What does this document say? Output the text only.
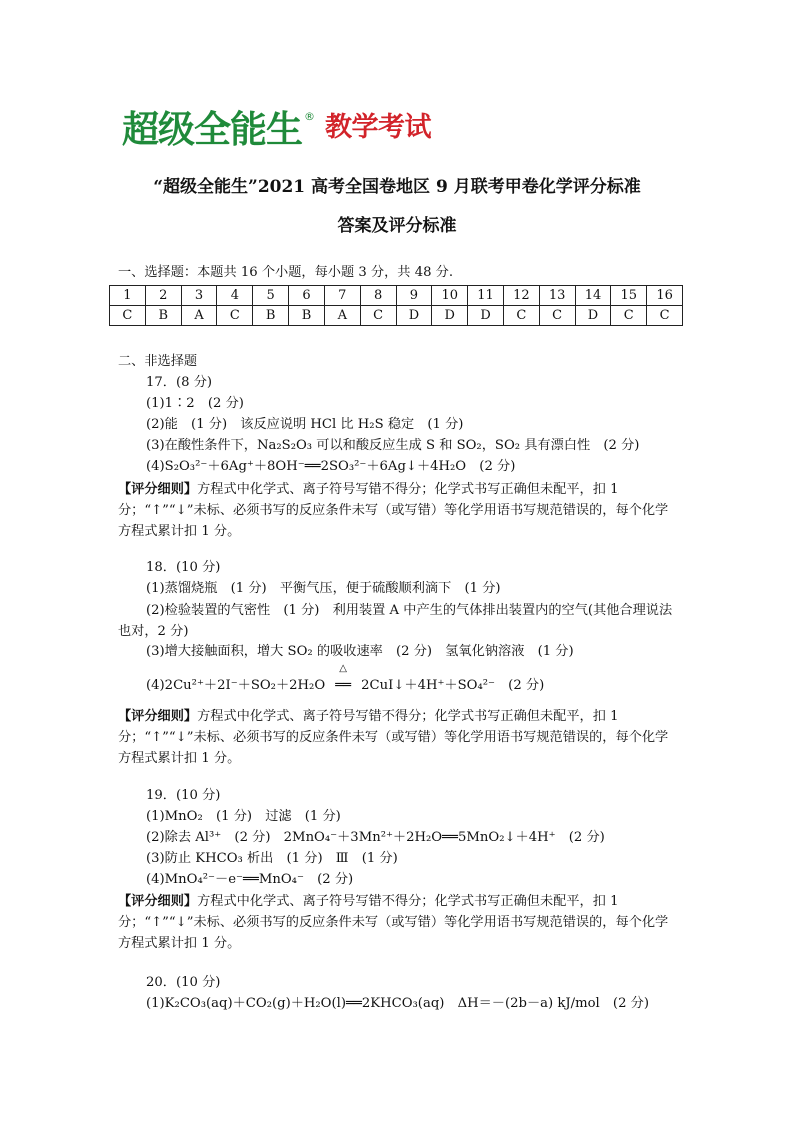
超级全能生 ® 教学考试
“超级全能生”2021 高考全国卷地区 9 月联考甲卷化学评分标准
答案及评分标准
一、选择题：本题共 16 个小题，每小题 3 分，共 48 分.
1	2	3	4	5	6	7	8	9	10	11	12	13	14	15	16
C	B	A	C	B	B	A	C	D	D	D	C	C	D	C	C
二、非选择题
17．(8 分)
(1)1∶2　(2 分)
(2)能　(1 分)　该反应说明 HCl 比 H₂S 稳定　(1 分)
(3)在酸性条件下，Na₂S₂O₃ 可以和酸反应生成 S 和 SO₂，SO₂ 具有漂白性　(2 分)
(4)S₂O₃²⁻＋6Ag⁺＋8OH⁻══2SO₃²⁻＋6Ag↓＋4H₂O　(2 分)
【评分细则】方程式中化学式、离子符号写错不得分；化学式书写正确但未配平，扣 1 分；“↑”“↓”未标、必须书写的反应条件未写（或写错）等化学用语书写规范错误的，每个化学方程式累计扣 1 分。
18．(10 分)
(1)蒸馏烧瓶　(1 分)　平衡气压，便于硫酸顺利滴下　(1 分)
(2)检验装置的气密性　(1 分)　利用装置 A 中产生的气体排出装置内的空气(其他合理说法也对，2 分)
(3)增大接触面积，增大 SO₂ 的吸收速率　(2 分)　氢氧化钠溶液　(1 分)
(4)2Cu²⁺＋2I⁻＋SO₂＋2H₂O
△
══ 2CuI↓＋4H⁺＋SO₄²⁻　(2 分)
【评分细则】方程式中化学式、离子符号写错不得分；化学式书写正确但未配平，扣 1 分；“↑”“↓”未标、必须书写的反应条件未写（或写错）等化学用语书写规范错误的，每个化学方程式累计扣 1 分。
19．(10 分)
(1)MnO₂　(1 分)　过滤　(1 分)
(2)除去 Al³⁺　(2 分)　2MnO₄⁻＋3Mn²⁺＋2H₂O══5MnO₂↓＋4H⁺　(2 分)
(3)防止 KHCO₃ 析出　(1 分)　Ⅲ　(1 分)
(4)MnO₄²⁻－e⁻══MnO₄⁻　(2 分)
【评分细则】方程式中化学式、离子符号写错不得分；化学式书写正确但未配平，扣 1 分；“↑”“↓”未标、必须书写的反应条件未写（或写错）等化学用语书写规范错误的，每个化学方程式累计扣 1 分。
20．(10 分)
(1)K₂CO₃(aq)＋CO₂(g)＋H₂O(l)══2KHCO₃(aq)　ΔH＝－(2b－a) kJ/mol　(2 分)
